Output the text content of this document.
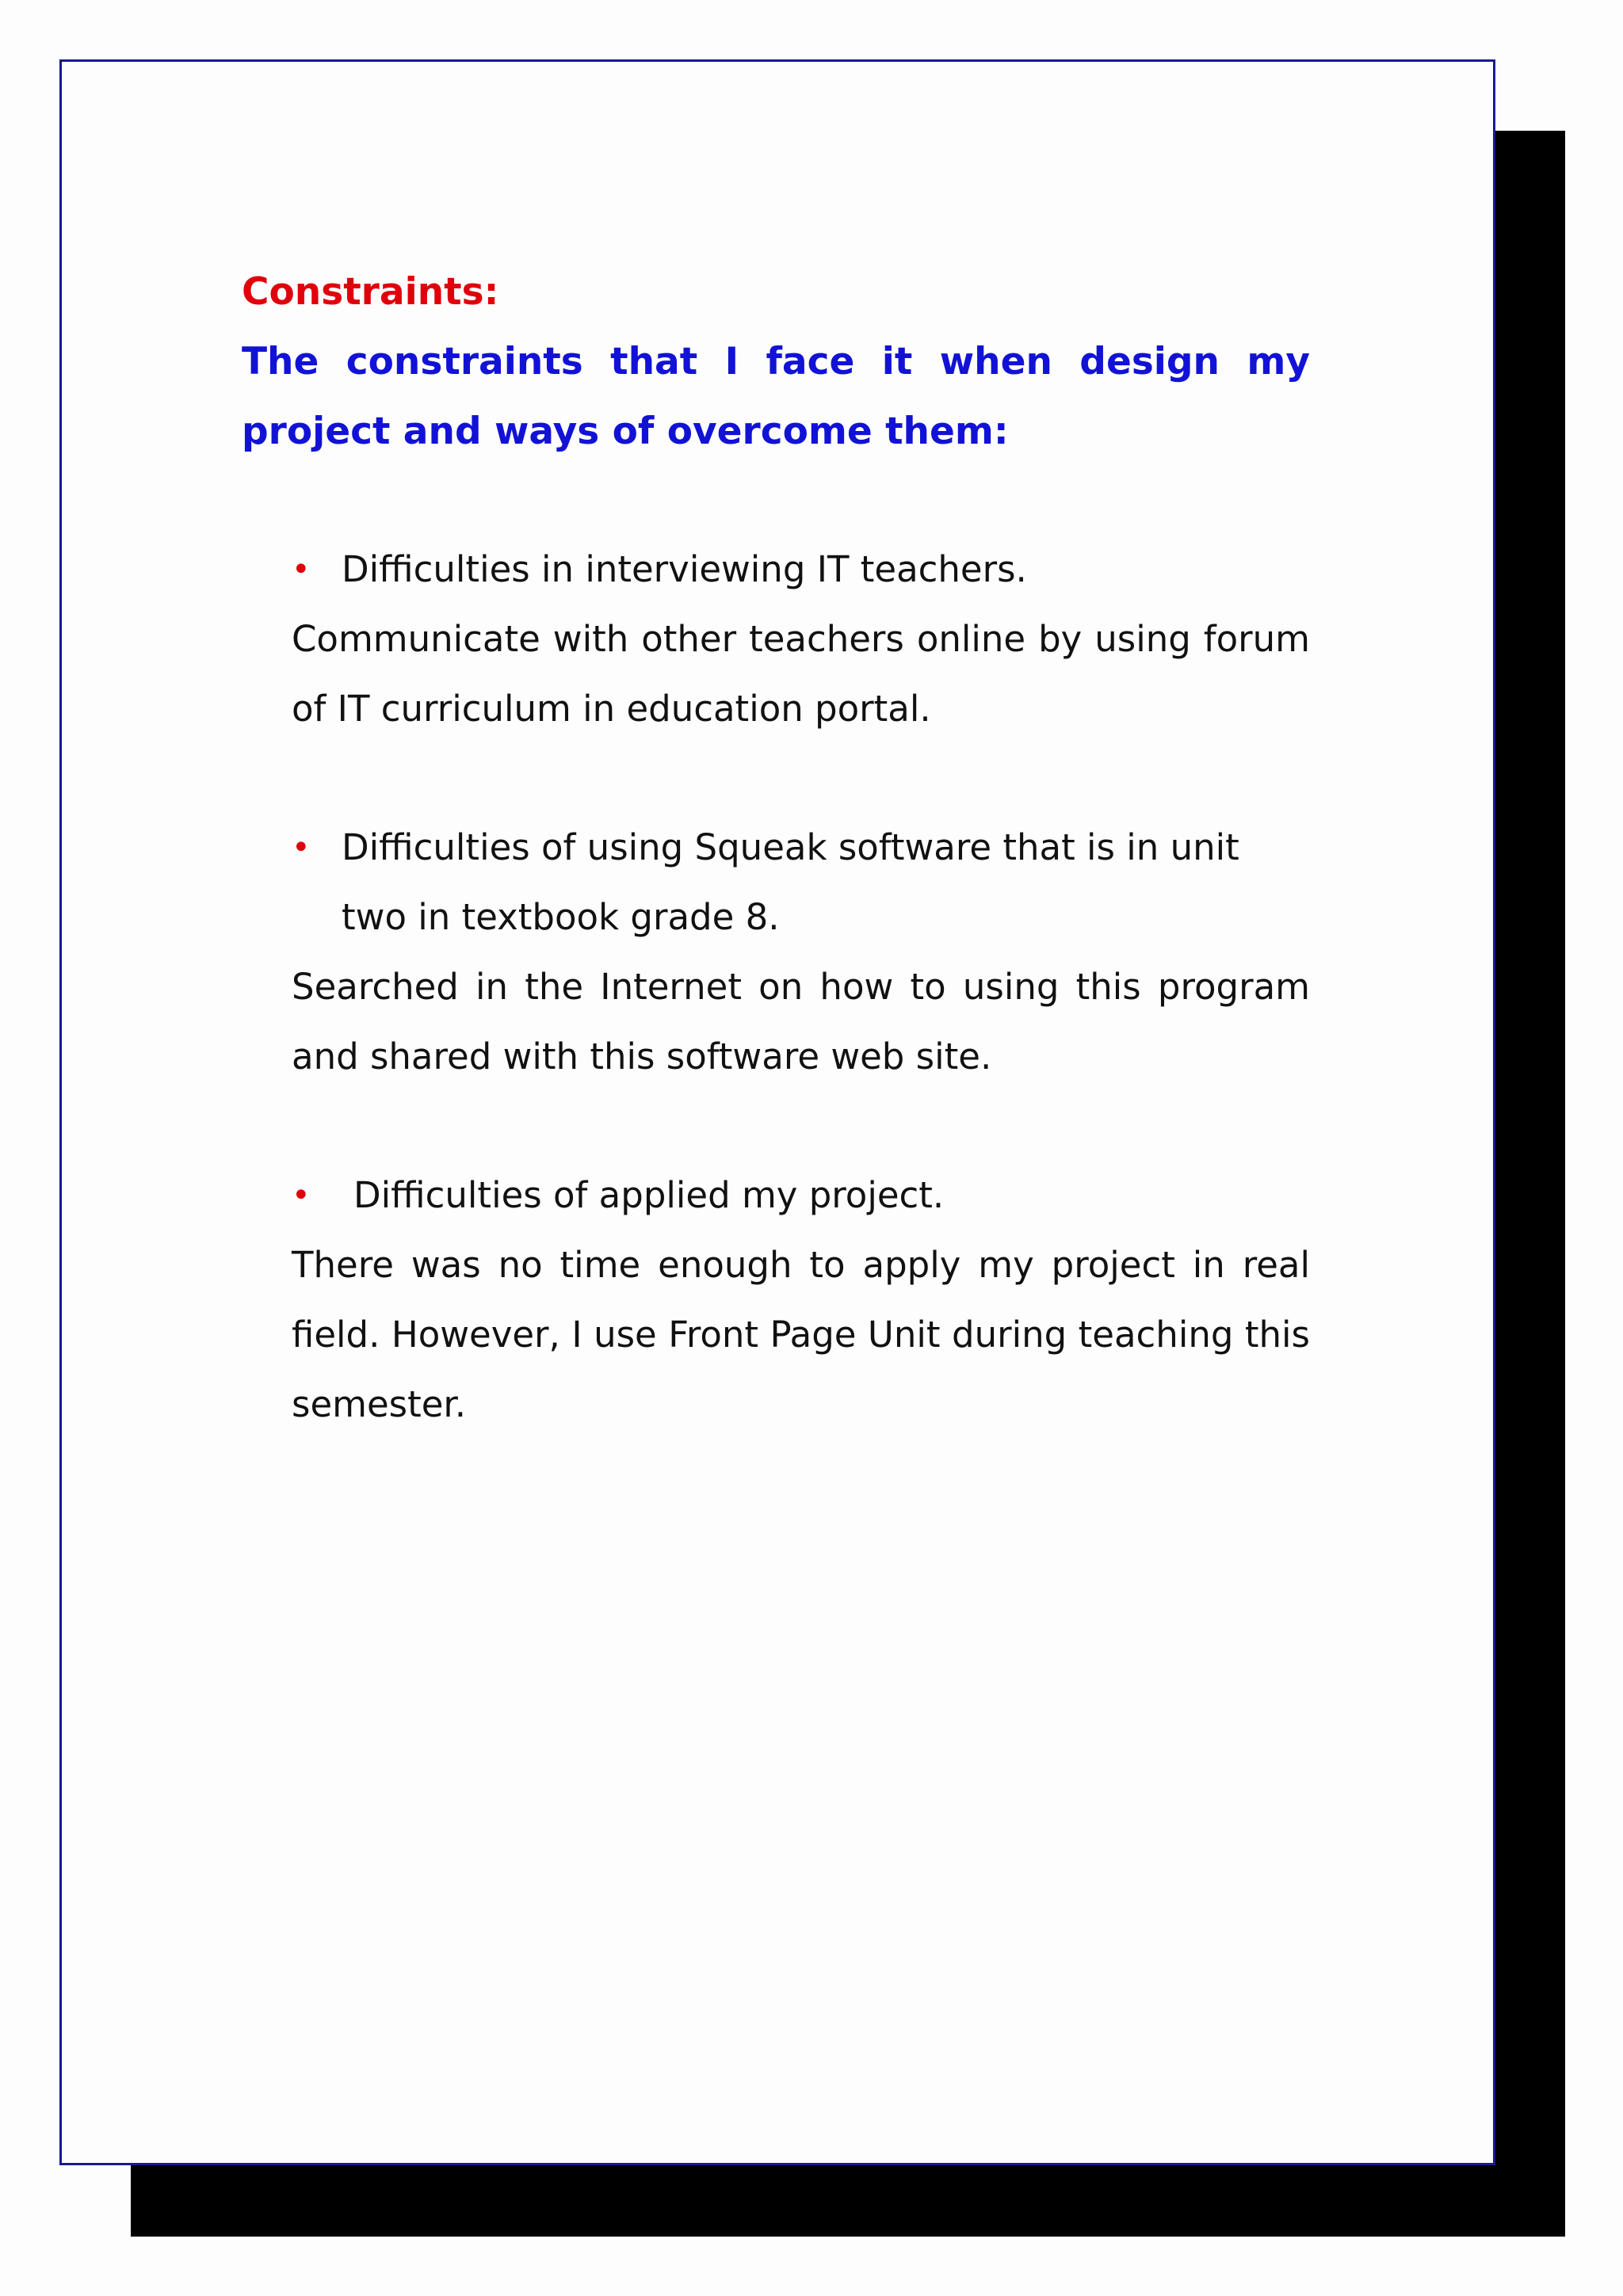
Constraints:

The constraints that I face it when design my project and ways of overcome them:

• Difficulties in interviewing IT teachers.

Communicate with other teachers online by using forum of IT curriculum in education portal.

• Difficulties of using Squeak software that is in unit two in textbook grade 8.

Searched in the Internet on how to using this program and shared with this software web site.

• Difficulties of applied my project.

There was no time enough to apply my project in real field. However, I use Front Page Unit during teaching this semester.
